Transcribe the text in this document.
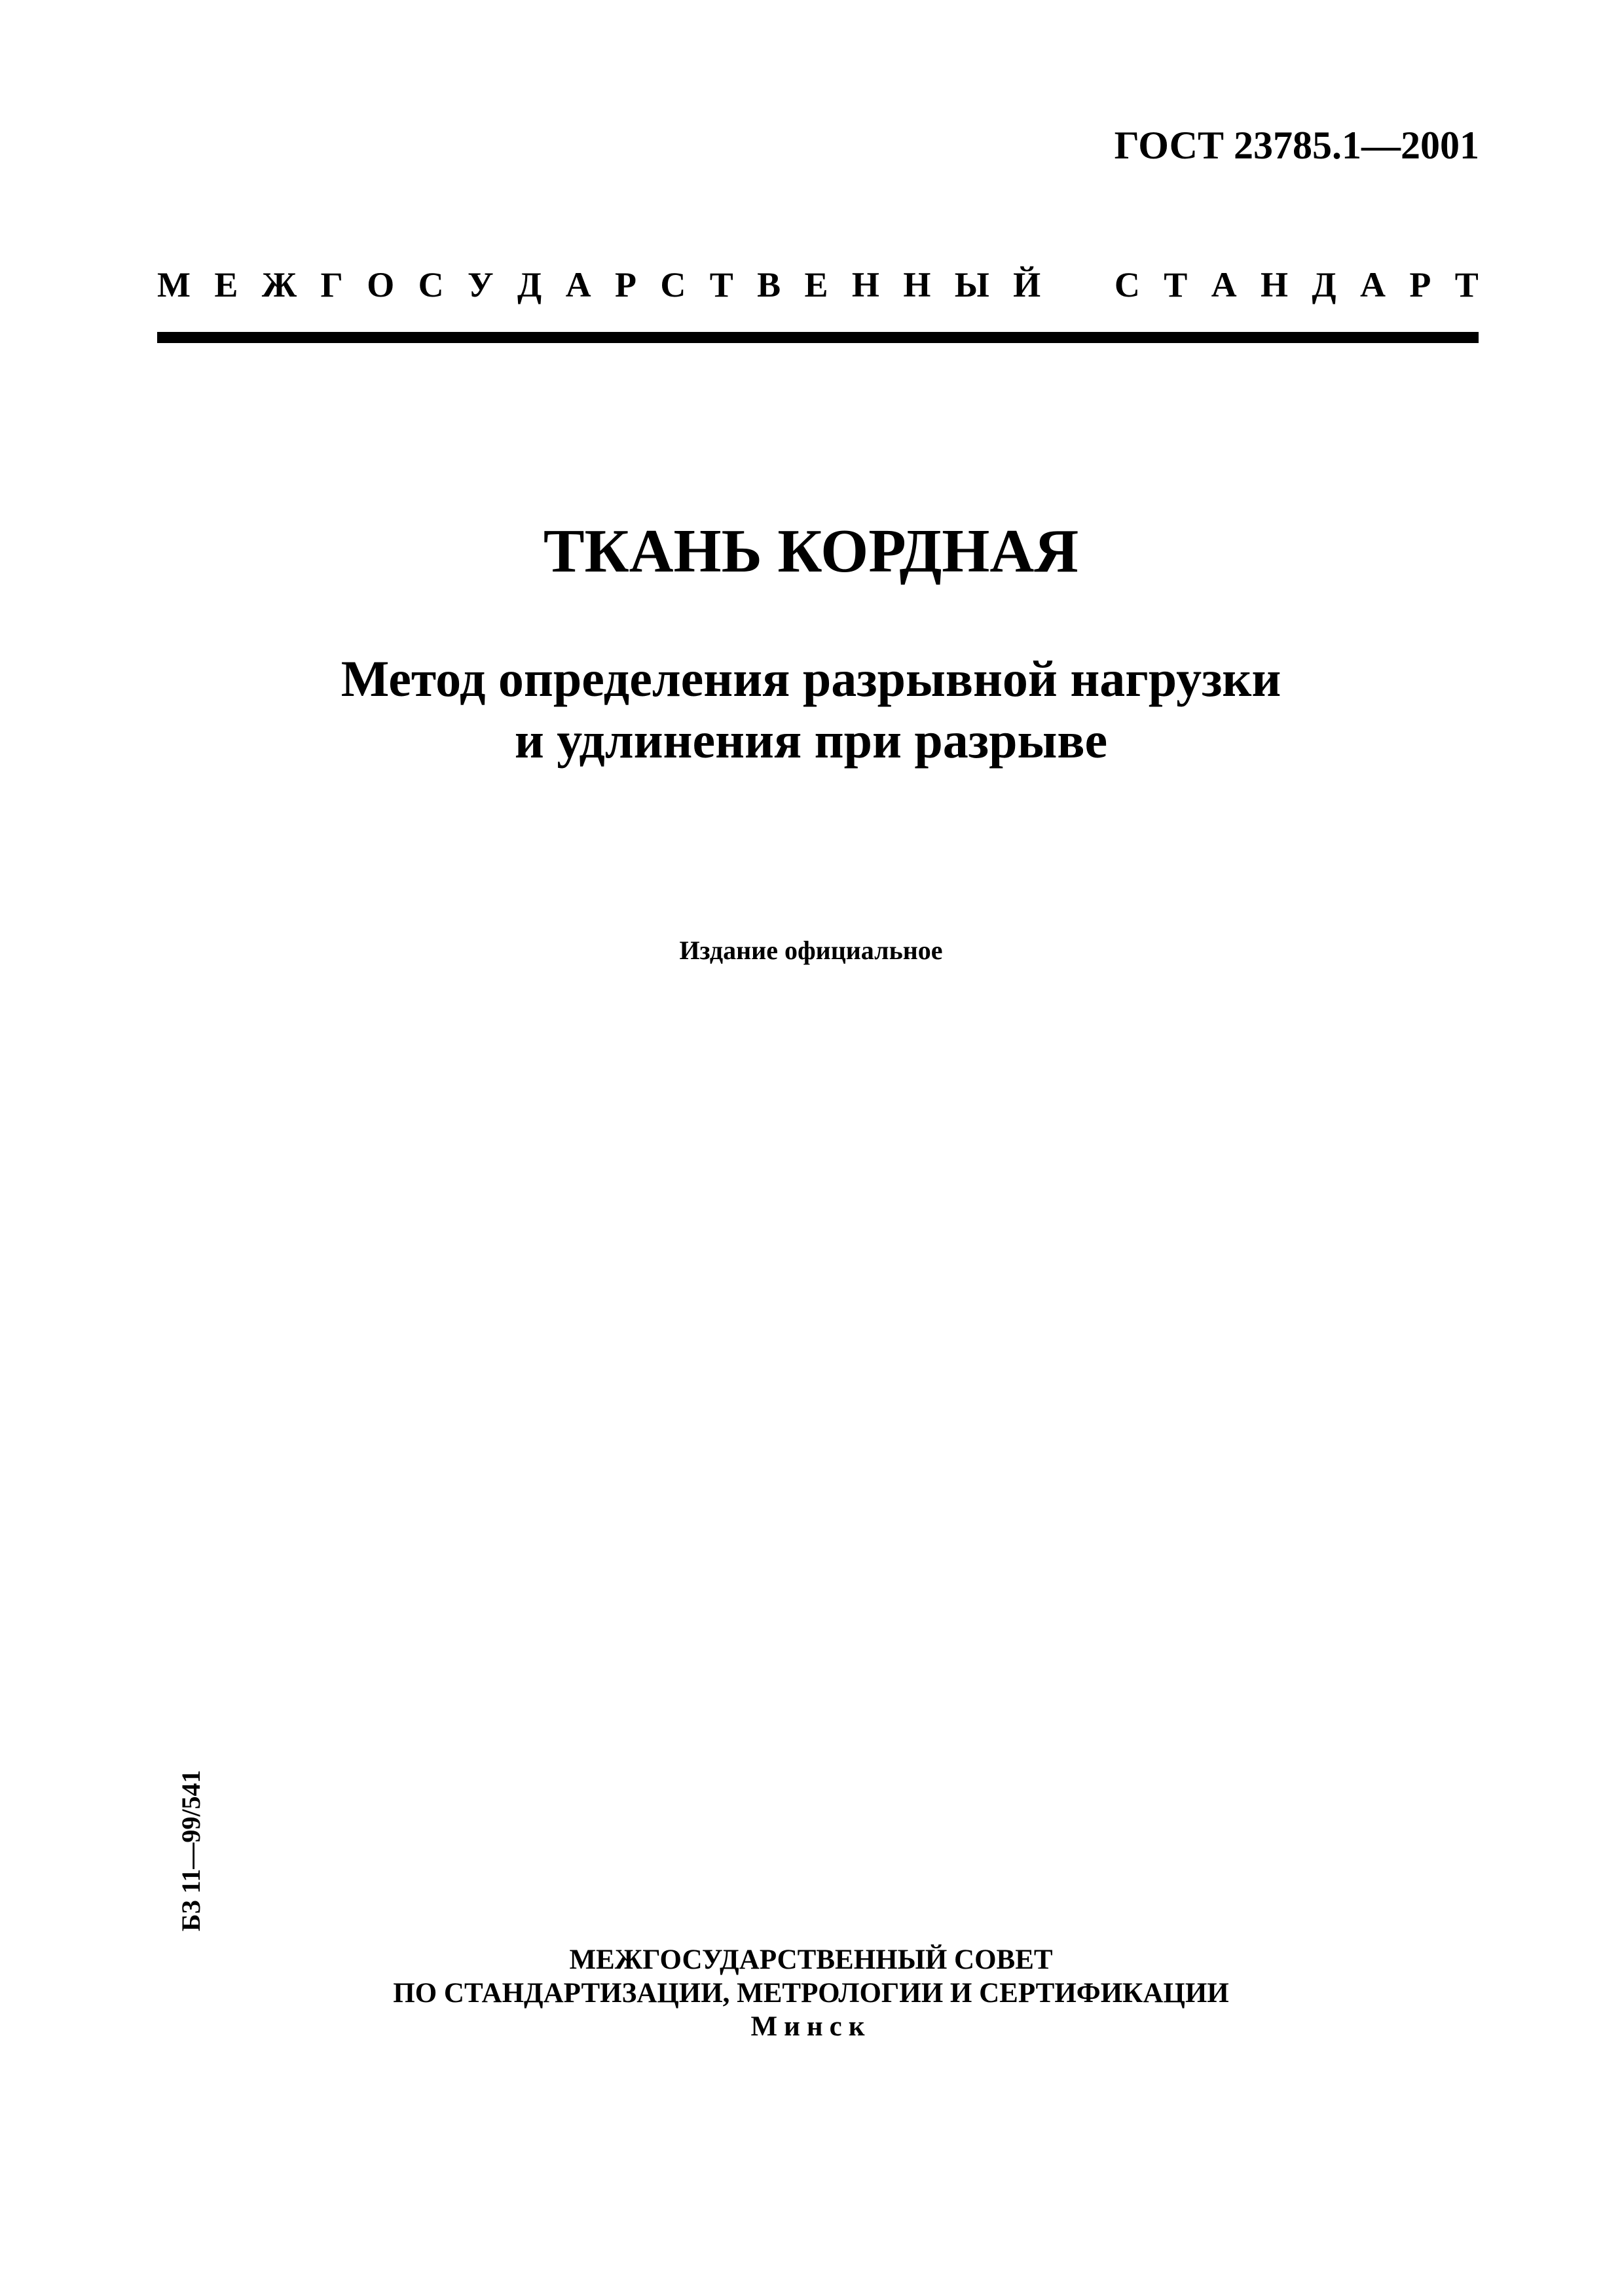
ГОСТ 23785.1—2001
М Е Ж Г О С У Д А Р С Т В Е Н Н Ы Й С Т А Н Д А Р Т
ТКАНЬ КОРДНАЯ
Метод определения разрывной нагрузки
и удлинения при разрыве
Издание официальное
БЗ 11—99/541
МЕЖГОСУДАРСТВЕННЫЙ СОВЕТ
ПО СТАНДАРТИЗАЦИИ, МЕТРОЛОГИИ И СЕРТИФИКАЦИИ
Минск
